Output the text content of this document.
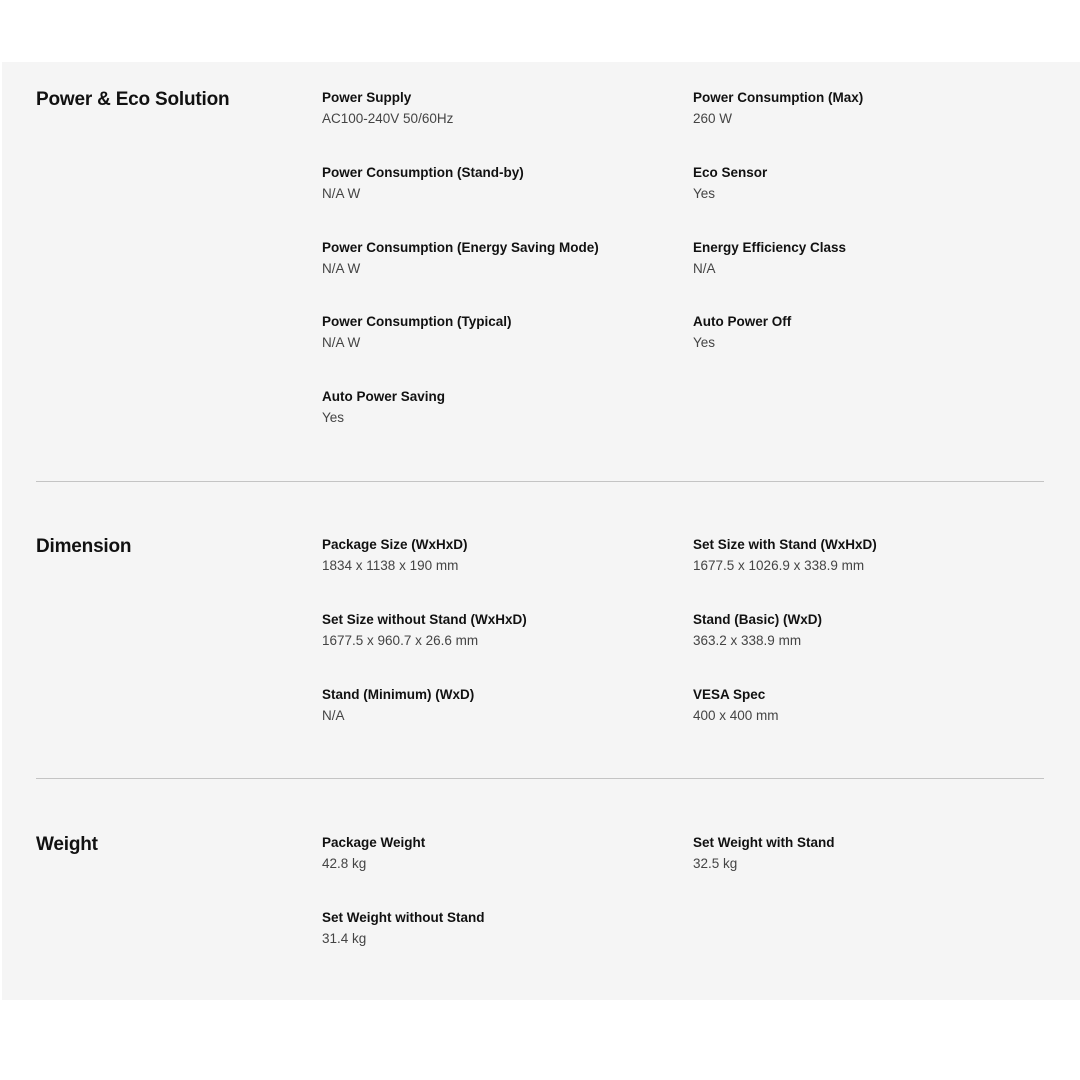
Power & Eco Solution	Power Supply
AC100-240V 50/60Hz
Power Consumption (Max)
260 W
Power Consumption (Stand-by)
N/A W
Eco Sensor
Yes
Power Consumption (Energy Saving Mode)
N/A W
Energy Efficiency Class
N/A
Power Consumption (Typical)
N/A W
Auto Power Off
Yes
Auto Power Saving
Yes
Dimension	Package Size (WxHxD)
1834 x 1138 x 190 mm
Set Size with Stand (WxHxD)
1677.5 x 1026.9 x 338.9 mm
Set Size without Stand (WxHxD)
1677.5 x 960.7 x 26.6 mm
Stand (Basic) (WxD)
363.2 x 338.9 mm
Stand (Minimum) (WxD)
N/A
VESA Spec
400 x 400 mm
Weight	Package Weight
42.8 kg
Set Weight with Stand
32.5 kg
Set Weight without Stand
31.4 kg
